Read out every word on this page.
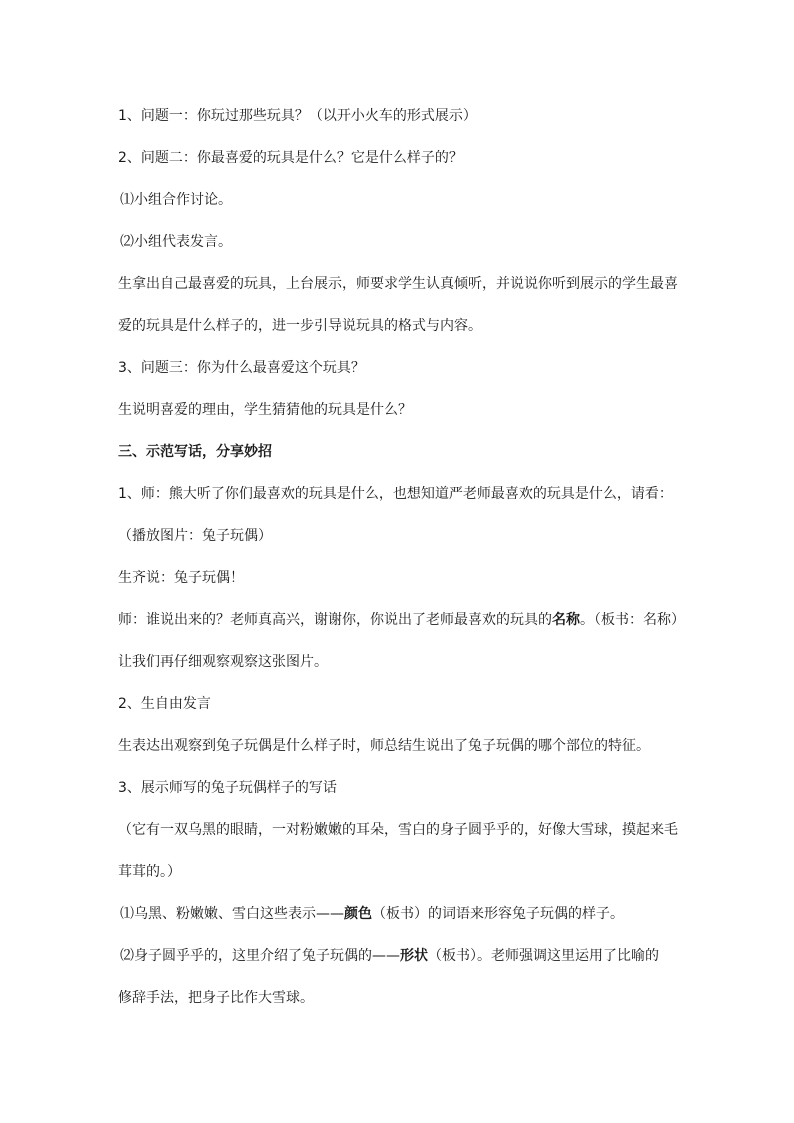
1、问题一：你玩过那些玩具？（以开小火车的形式展示）
2、问题二：你最喜爱的玩具是什么？它是什么样子的？
⑴小组合作讨论。
⑵小组代表发言。
生拿出自己最喜爱的玩具，上台展示，师要求学生认真倾听，并说说你听到展示的学生最喜
爱的玩具是什么样子的，进一步引导说玩具的格式与内容。
3、问题三：你为什么最喜爱这个玩具？
生说明喜爱的理由，学生猜猜他的玩具是什么？
三、示范写话，分享妙招
1、师：熊大听了你们最喜欢的玩具是什么，也想知道严老师最喜欢的玩具是什么，请看：
（播放图片：兔子玩偶）
生齐说：兔子玩偶！
师：谁说出来的？老师真高兴，谢谢你，你说出了老师最喜欢的玩具的名称。（板书：名称）
让我们再仔细观察观察这张图片。
2、生自由发言
生表达出观察到兔子玩偶是什么样子时，师总结生说出了兔子玩偶的哪个部位的特征。
3、展示师写的兔子玩偶样子的写话
（它有一双乌黑的眼睛，一对粉嫩嫩的耳朵，雪白的身子圆乎乎的，好像大雪球，摸起来毛
茸茸的。）
⑴乌黑、粉嫩嫩、雪白这些表示——颜色（板书）的词语来形容兔子玩偶的样子。
⑵身子圆乎乎的，这里介绍了兔子玩偶的——形状（板书）。老师强调这里运用了比喻的
修辞手法，把身子比作大雪球。
